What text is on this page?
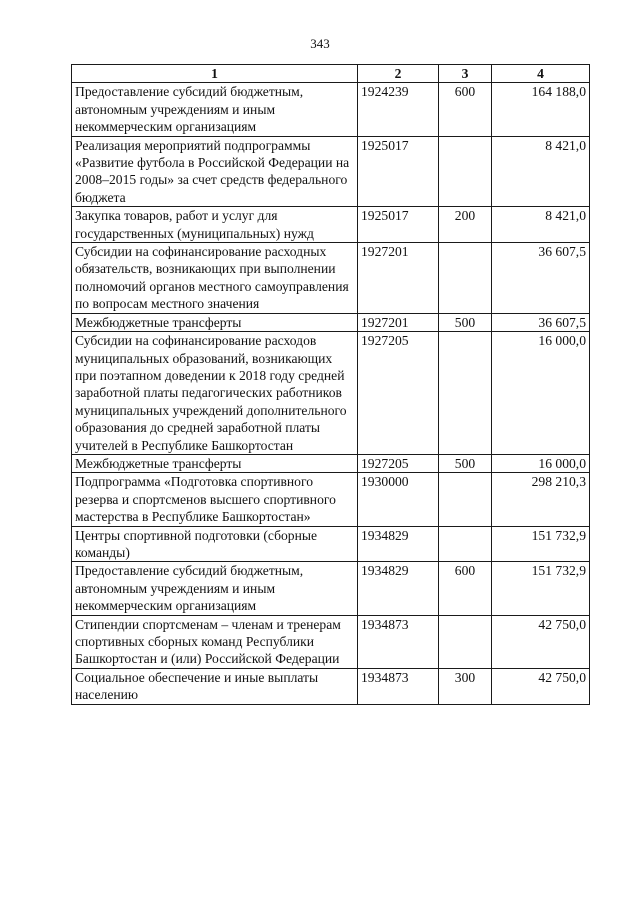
343
1	2	3	4
Предоставление субсидий бюджетным, автономным учреждениям и иным некоммерческим организациям	1924239	600	164 188,0
Реализация мероприятий подпрограммы «Развитие футбола в Российской Федерации на 2008–2015 годы» за счет средств федерального бюджета	1925017		8 421,0
Закупка товаров, работ и услуг для государственных (муниципальных) нужд	1925017	200	8 421,0
Субсидии на софинансирование расходных обязательств, возникающих при выполнении полномочий органов местного самоуправления по вопросам местного значения	1927201		36 607,5
Межбюджетные трансферты	1927201	500	36 607,5
Субсидии на софинансирование расходов муниципальных образований, возникающих при поэтапном доведении к 2018 году средней заработной платы педагогических работников муниципальных учреждений дополнительного образования до средней заработной платы учителей в Республике Башкортостан	1927205		16 000,0
Межбюджетные трансферты	1927205	500	16 000,0
Подпрограмма «Подготовка спортивного резерва и спортсменов высшего спортивного мастерства в Республике Башкортостан»	1930000		298 210,3
Центры спортивной подготовки (сборные команды)	1934829		151 732,9
Предоставление субсидий бюджетным, автономным учреждениям и иным некоммерческим организациям	1934829	600	151 732,9
Стипендии спортсменам – членам и тренерам спортивных сборных команд Республики Башкортостан и (или) Российской Федерации	1934873		42 750,0
Социальное обеспечение и иные выплаты населению	1934873	300	42 750,0
